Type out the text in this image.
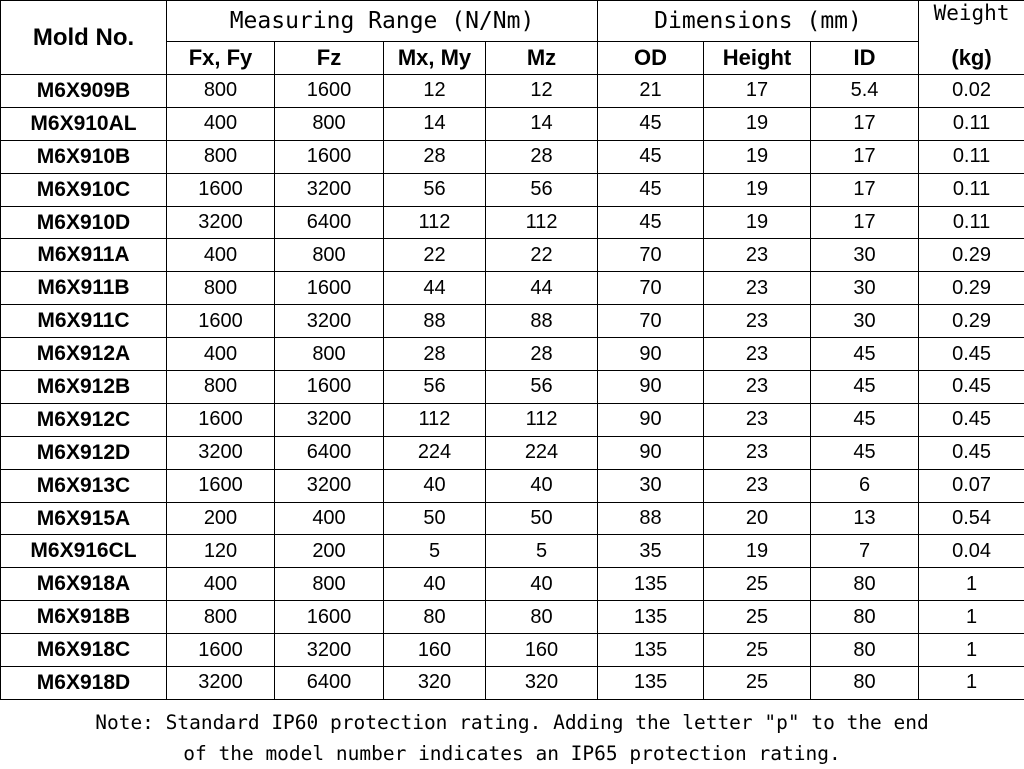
Mold No.	Measuring Range (N/Nm)				Dimensions (mm)			Weight
	Fx, Fy	Fz	Mx, My	Mz	OD	Height	ID	(kg)
M6X909B	800	1600	12	12	21	17	5.4	0.02
M6X910AL	400	800	14	14	45	19	17	0.11
M6X910B	800	1600	28	28	45	19	17	0.11
M6X910C	1600	3200	56	56	45	19	17	0.11
M6X910D	3200	6400	112	112	45	19	17	0.11
M6X911A	400	800	22	22	70	23	30	0.29
M6X911B	800	1600	44	44	70	23	30	0.29
M6X911C	1600	3200	88	88	70	23	30	0.29
M6X912A	400	800	28	28	90	23	45	0.45
M6X912B	800	1600	56	56	90	23	45	0.45
M6X912C	1600	3200	112	112	90	23	45	0.45
M6X912D	3200	6400	224	224	90	23	45	0.45
M6X913C	1600	3200	40	40	30	23	6	0.07
M6X915A	200	400	50	50	88	20	13	0.54
M6X916CL	120	200	5	5	35	19	7	0.04
M6X918A	400	800	40	40	135	25	80	1
M6X918B	800	1600	80	80	135	25	80	1
M6X918C	1600	3200	160	160	135	25	80	1
M6X918D	3200	6400	320	320	135	25	80	1
Note: Standard IP60 protection rating. Adding the letter "p" to the end
of the model number indicates an IP65 protection rating.
